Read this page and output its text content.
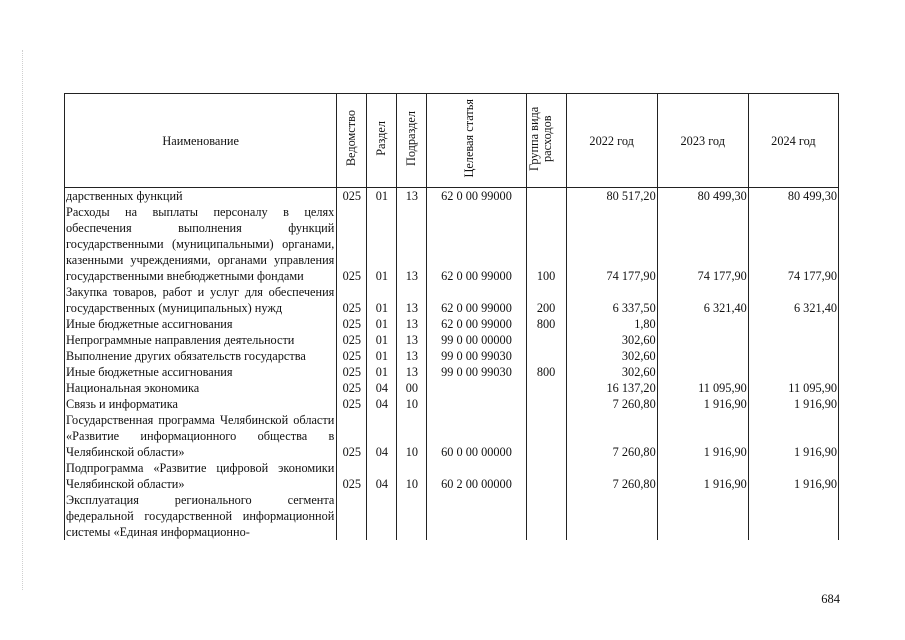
Наименование	Ведомство	Раздел	Подраздел	Целевая статья	Группа вида расходов	2022 год	2023 год	2024 год
дарственных функций	025	01	13	62 0 00 99000		80 517,20	80 499,30	80 499,30
Расходы на выплаты персоналу в целях обеспечения выполнения функций государственными (муниципальными) органами, казенными учреждениями, органами управления государственными внебюджетными фондами	025	01	13	62 0 00 99000	100	74 177,90	74 177,90	74 177,90
Закупка товаров, работ и услуг для обеспечения государственных (муниципальных) нужд	025	01	13	62 0 00 99000	200	6 337,50	6 321,40	6 321,40
Иные бюджетные ассигнования	025	01	13	62 0 00 99000	800	1,80		
Непрограммные направления деятельности	025	01	13	99 0 00 00000		302,60		
Выполнение других обязательств государства	025	01	13	99 0 00 99030		302,60		
Иные бюджетные ассигнования	025	01	13	99 0 00 99030	800	302,60		
Национальная экономика	025	04	00			16 137,20	11 095,90	11 095,90
Связь и информатика	025	04	10			7 260,80	1 916,90	1 916,90
Государственная программа Челябинской области «Развитие информационного общества в Челябинской области»	025	04	10	60 0 00 00000		7 260,80	1 916,90	1 916,90
Подпрограмма «Развитие цифровой экономики Челябинской области»	025	04	10	60 2 00 00000		7 260,80	1 916,90	1 916,90
Эксплуатация регионального сегмента федеральной государственной информационной системы «Единая информационно-								
684
